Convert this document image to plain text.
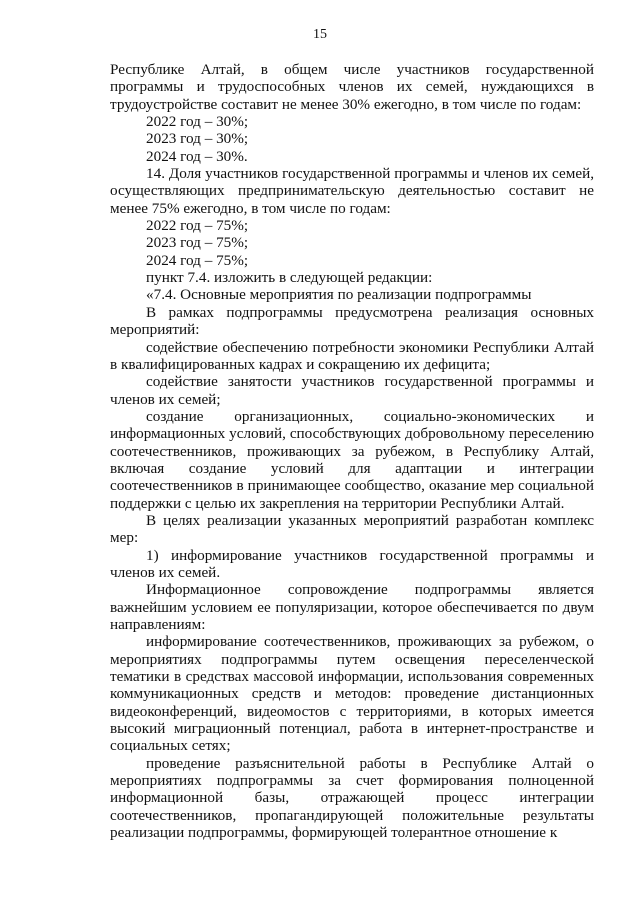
15

Республике Алтай, в общем числе участников государственной программы и трудоспособных членов их семей, нуждающихся в трудоустройстве составит не менее 30% ежегодно, в том числе по годам:

2022 год – 30%;

2023 год – 30%;

2024 год – 30%.

14. Доля участников государственной программы и членов их семей, осуществляющих предпринимательскую деятельностью составит не менее 75% ежегодно, в том числе по годам:

2022 год – 75%;

2023 год – 75%;

2024 год – 75%;

пункт 7.4. изложить в следующей редакции:

«7.4. Основные мероприятия по реализации подпрограммы

В рамках подпрограммы предусмотрена реализация основных мероприятий:

содействие обеспечению потребности экономики Республики Алтай в квалифицированных кадрах и сокращению их дефицита;

содействие занятости участников государственной программы и членов их семей;

создание организационных, социально-экономических и информационных условий, способствующих добровольному переселению соотечественников, проживающих за рубежом, в Республику Алтай, включая создание условий для адаптации и интеграции соотечественников в принимающее сообщество, оказание мер социальной поддержки с целью их закрепления на территории Республики Алтай.

В целях реализации указанных мероприятий разработан комплекс мер:

1) информирование участников государственной программы и членов их семей.

Информационное сопровождение подпрограммы является важнейшим условием ее популяризации, которое обеспечивается по двум направлениям:

информирование соотечественников, проживающих за рубежом, о мероприятиях подпрограммы путем освещения переселенческой тематики в средствах массовой информации, использования современных коммуникационных средств и методов: проведение дистанционных видеоконференций, видеомостов с территориями, в которых имеется высокий миграционный потенциал, работа в интернет-пространстве и социальных сетях;

проведение разъяснительной работы в Республике Алтай о мероприятиях подпрограммы за счет формирования полноценной информационной базы, отражающей процесс интеграции соотечественников, пропагандирующей положительные результаты реализации подпрограммы, формирующей толерантное отношение к
